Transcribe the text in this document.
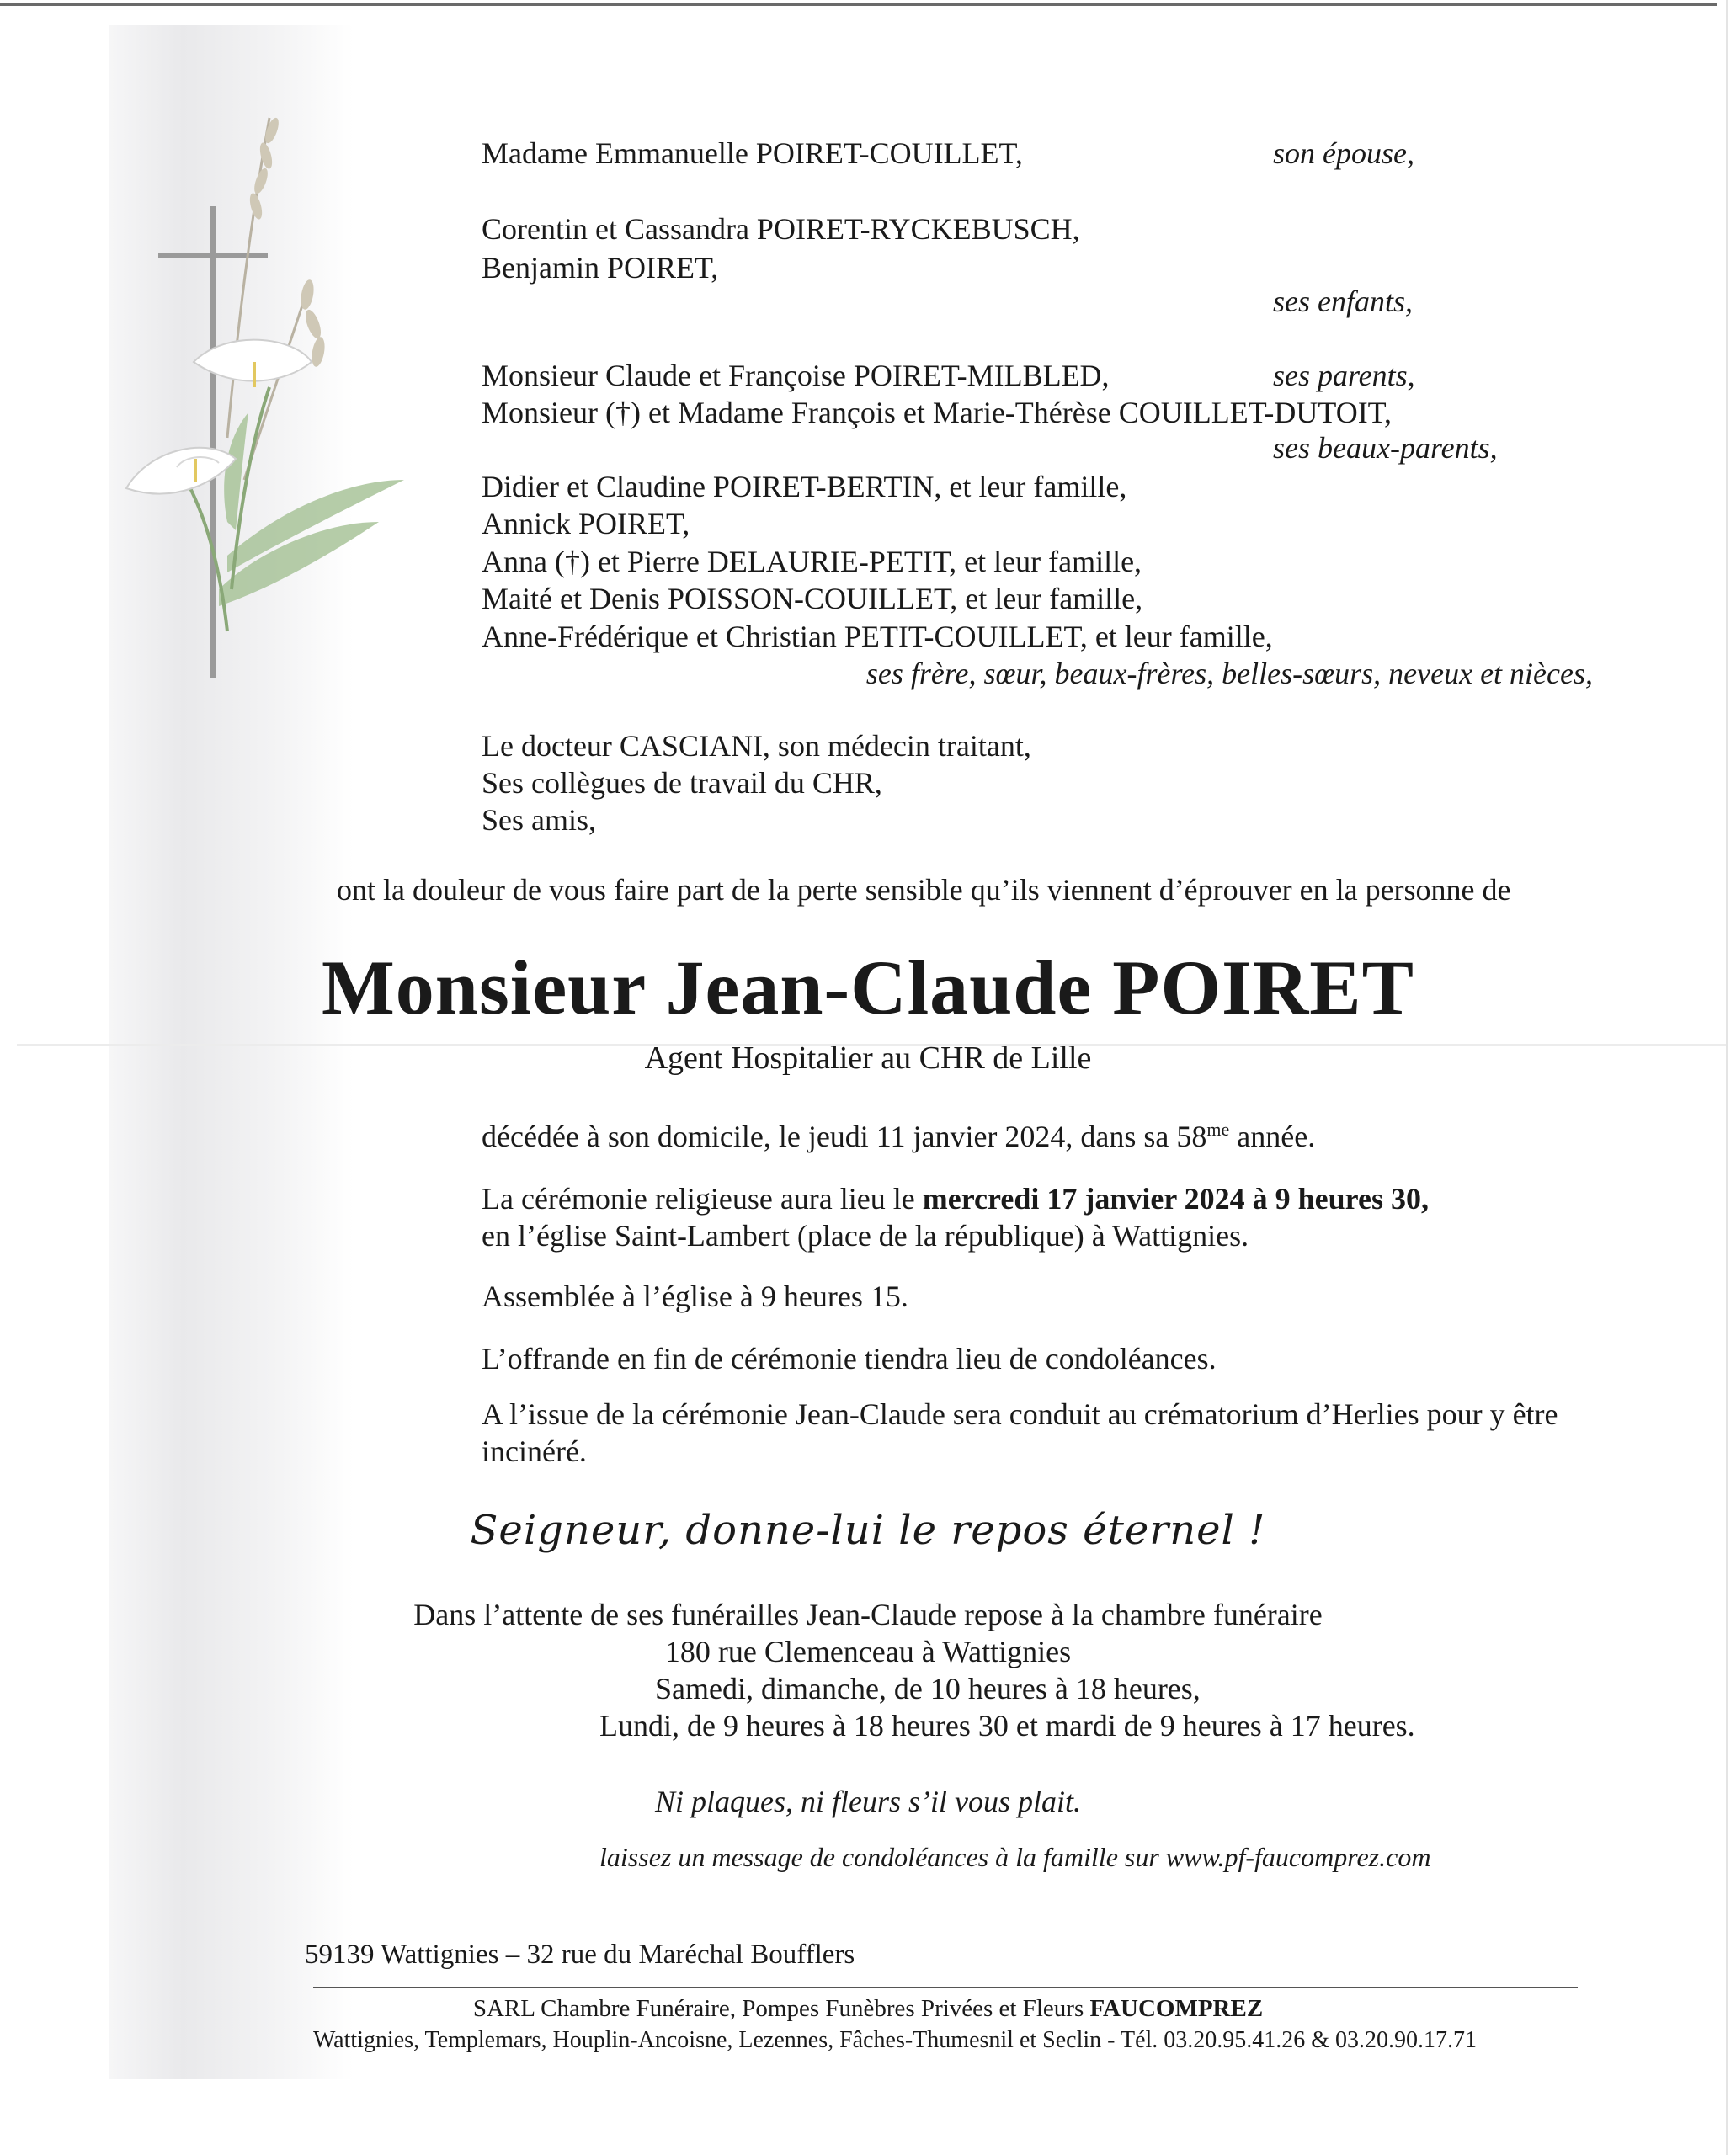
Madame Emmanuelle POIRET-COUILLET,	son épouse,

Corentin et Cassandra POIRET-RYCKEBUSCH,

Benjamin POIRET,

ses enfants,

Monsieur Claude et Françoise POIRET-MILBLED,	ses parents,

Monsieur (†) et Madame François et Marie-Thérèse COUILLET-DUTOIT,

ses beaux-parents,

Didier et Claudine POIRET-BERTIN, et leur famille,

Annick POIRET,

Anna (†) et Pierre DELAURIE-PETIT, et leur famille,

Maité et Denis POISSON-COUILLET, et leur famille,

Anne-Frédérique et Christian PETIT-COUILLET, et leur famille,

ses frère, sœur, beaux-frères, belles-sœurs, neveux et nièces,

Le docteur CASCIANI, son médecin traitant,

Ses collègues de travail du CHR,

Ses amis,

ont la douleur de vous faire part de la perte sensible qu’ils viennent d’éprouver en la personne de

Monsieur Jean-Claude POIRET

Agent Hospitalier au CHR de Lille

décédée à son domicile, le jeudi 11 janvier 2024, dans sa $58^{me}$ année.

La cérémonie religieuse aura lieu le mercredi 17 janvier 2024 à 9 heures 30,

en l’église Saint-Lambert (place de la république) à Wattignies.

Assemblée à l’église à 9 heures 15.

L’offrande en fin de cérémonie tiendra lieu de condoléances.

A l’issue de la cérémonie Jean-Claude sera conduit au crématorium d’Herlies pour y être

incinéré.

Seigneur, donne-lui le repos éternel !

Dans l’attente de ses funérailles Jean-Claude repose à la chambre funéraire

180 rue Clemenceau à Wattignies

Samedi, dimanche, de 10 heures à 18 heures,

Lundi, de 9 heures à 18 heures 30 et mardi de 9 heures à 17 heures.

Ni plaques, ni fleurs s’il vous plait.

laissez un message de condoléances à la famille sur www.pf-faucomprez.com

59139 Wattignies – 32 rue du Maréchal Boufflers

SARL Chambre Funéraire, Pompes Funèbres Privées et Fleurs FAUCOMPREZ

Wattignies, Templemars, Houplin-Ancoisne, Lezennes, Fâches-Thumesnil et Seclin - Tél. 03.20.95.41.26 & 03.20.90.17.71
